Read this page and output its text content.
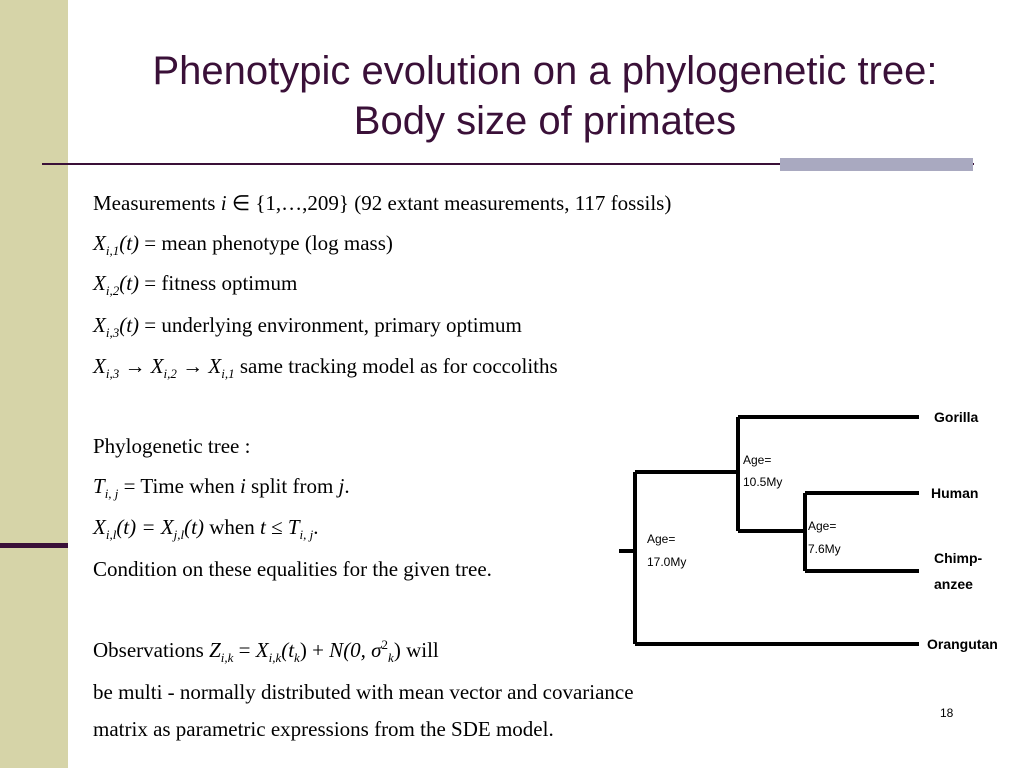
Phenotypic evolution on a phylogenetic tree:
Body size of primates
Measurements i ∈ {1,…,209} (92 extant measurements, 117 fossils)
$X_{i,1}(t)$ = mean phenotype (log mass)
$X_{i,2}(t)$ = fitness optimum
$X_{i,3}(t)$ = underlying environment, primary optimum
$X_{i,3} \to X_{i,2} \to X_{i,1}$ same tracking model as for coccoliths
Phylogenetic tree :
$T_{i, j}$ = Time when i split from j.
$X_{i,l}(t) = X_{j,l}(t)$ when $t \le T_{i, j}$.
Condition on these equalities for the given tree.
Observations $Z_{i,k} = X_{i,k}(t_k) + N(0$, $\sigma^2_k$) will
be multi - normally distributed with mean vector and covariance
matrix as parametric expressions from the SDE model.
Gorilla
Human
Chimp-
anzee
Orangutan
Age=
17.0My
Age=
10.5My
Age=
7.6My
18
